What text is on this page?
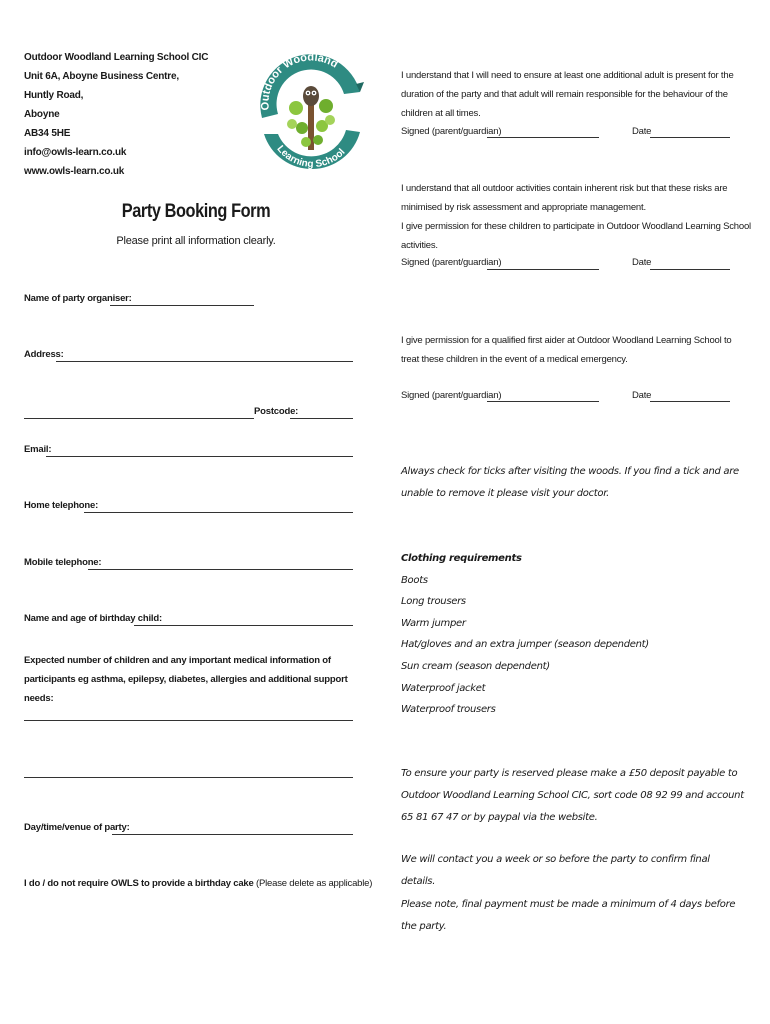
Outdoor Woodland Learning School CIC
Unit 6A, Aboyne Business Centre,
Huntly Road,
Aboyne
AB34 5HE
info@owls-learn.co.uk
www.owls-learn.co.uk
Outdoor Woodland
Learning School
Party Booking Form
Please print all information clearly.
Name of party organiser:
Address:
Postcode:
Email:
Home telephone:
Mobile telephone:
Name and age of birthday child:
Expected number of children and any important medical information of participants eg asthma, epilepsy, diabetes, allergies and additional support needs:
Day/time/venue of party:
I do / do not require OWLS to provide a birthday cake (Please delete as applicable)
I understand that I will need to ensure at least one additional adult is present for the duration of the party and that adult will remain responsible for the behaviour of the children at all times.
Signed (parent/guardian)	Date
I understand that all outdoor activities contain inherent risk but that these risks are minimised by risk assessment and appropriate management.
I give permission for these children to participate in Outdoor Woodland Learning School activities.
Signed (parent/guardian)	Date
I give permission for a qualified first aider at Outdoor Woodland Learning School to treat these children in the event of a medical emergency.
Signed (parent/guardian)	Date
Always check for ticks after visiting the woods. If you find a tick and are unable to remove it please visit your doctor.
Clothing requirements
Boots
Long trousers
Warm jumper
Hat/gloves and an extra jumper (season dependent)
Sun cream (season dependent)
Waterproof jacket
Waterproof trousers
To ensure your party is reserved please make a £50 deposit payable to Outdoor Woodland Learning School CIC, sort code 08 92 99 and account 65 81 67 47 or by paypal via the website.
We will contact you a week or so before the party to confirm final details.
Please note, final payment must be made a minimum of 4 days before the party.
